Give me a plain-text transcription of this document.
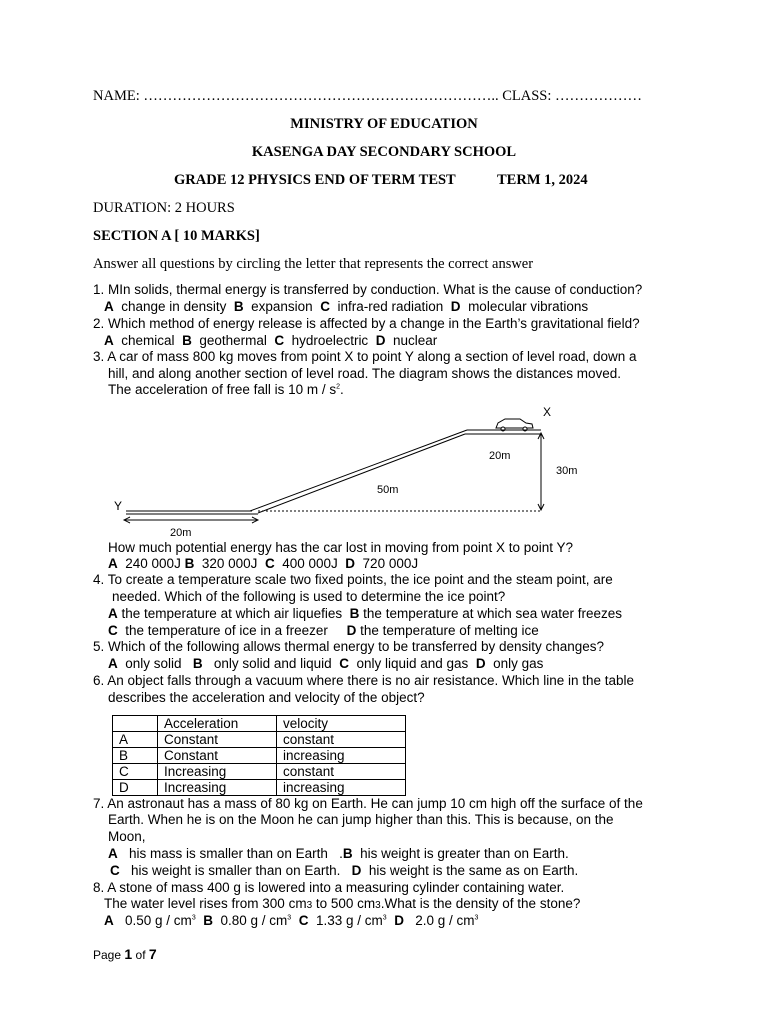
NAME: ……………………………………………………………….. CLASS: ………………
MINISTRY OF EDUCATION
KASENGA DAY SECONDARY SCHOOL
GRADE 12 PHYSICS END OF TERM TEST	TERM 1, 2024
DURATION: 2 HOURS
SECTION A [ 10 MARKS]
Answer all questions by circling the letter that represents the correct answer
1. MIn solids, thermal energy is transferred by conduction. What is the cause of conduction?
A change in density B expansion C infra-red radiation D molecular vibrations
2. Which method of energy release is affected by a change in the Earth’s gravitational field?
A chemical B geothermal C hydroelectric D nuclear
3. A car of mass 800 kg moves from point X to point Y along a section of level road, down a
hill, and along another section of level road. The diagram shows the distances moved.
The acceleration of free fall is 10 m / $s^2$.
X
Y
20m
50m
30m
20m
How much potential energy has the car lost in moving from point X to point Y?
A 240 000J B 320 000J C 400 000J D 720 000J
4. To create a temperature scale two fixed points, the ice point and the steam point, are
needed. Which of the following is used to determine the ice point?
A the temperature at which air liquefies B the temperature at which sea water freezes
C the temperature of ice in a freezer D the temperature of melting ice
5. Which of the following allows thermal energy to be transferred by density changes?
A only solid B only solid and liquid C only liquid and gas D only gas
6. An object falls through a vacuum where there is no air resistance. Which line in the table
describes the acceleration and velocity of the object?
	Acceleration	velocity
A	Constant	constant
B	Constant	increasing
C	Increasing	constant
D	Increasing	increasing
7. An astronaut has a mass of 80 kg on Earth. He can jump 10 cm high off the surface of the
Earth. When he is on the Moon he can jump higher than this. This is because, on the
Moon,
A his mass is smaller than on Earth   .B his weight is greater than on Earth.
C his weight is smaller than on Earth. D his weight is the same as on Earth.
8. A stone of mass 400 g is lowered into a measuring cylinder containing water.
The water level rises from 300 cm3 to 500 cm3.What is the density of the stone?
A 0.50 g / $cm^3$ B 0.80 g / $cm^3$ C 1.33 g / $cm^3$ D 2.0 g / $cm^3$
Page 1 of 7
